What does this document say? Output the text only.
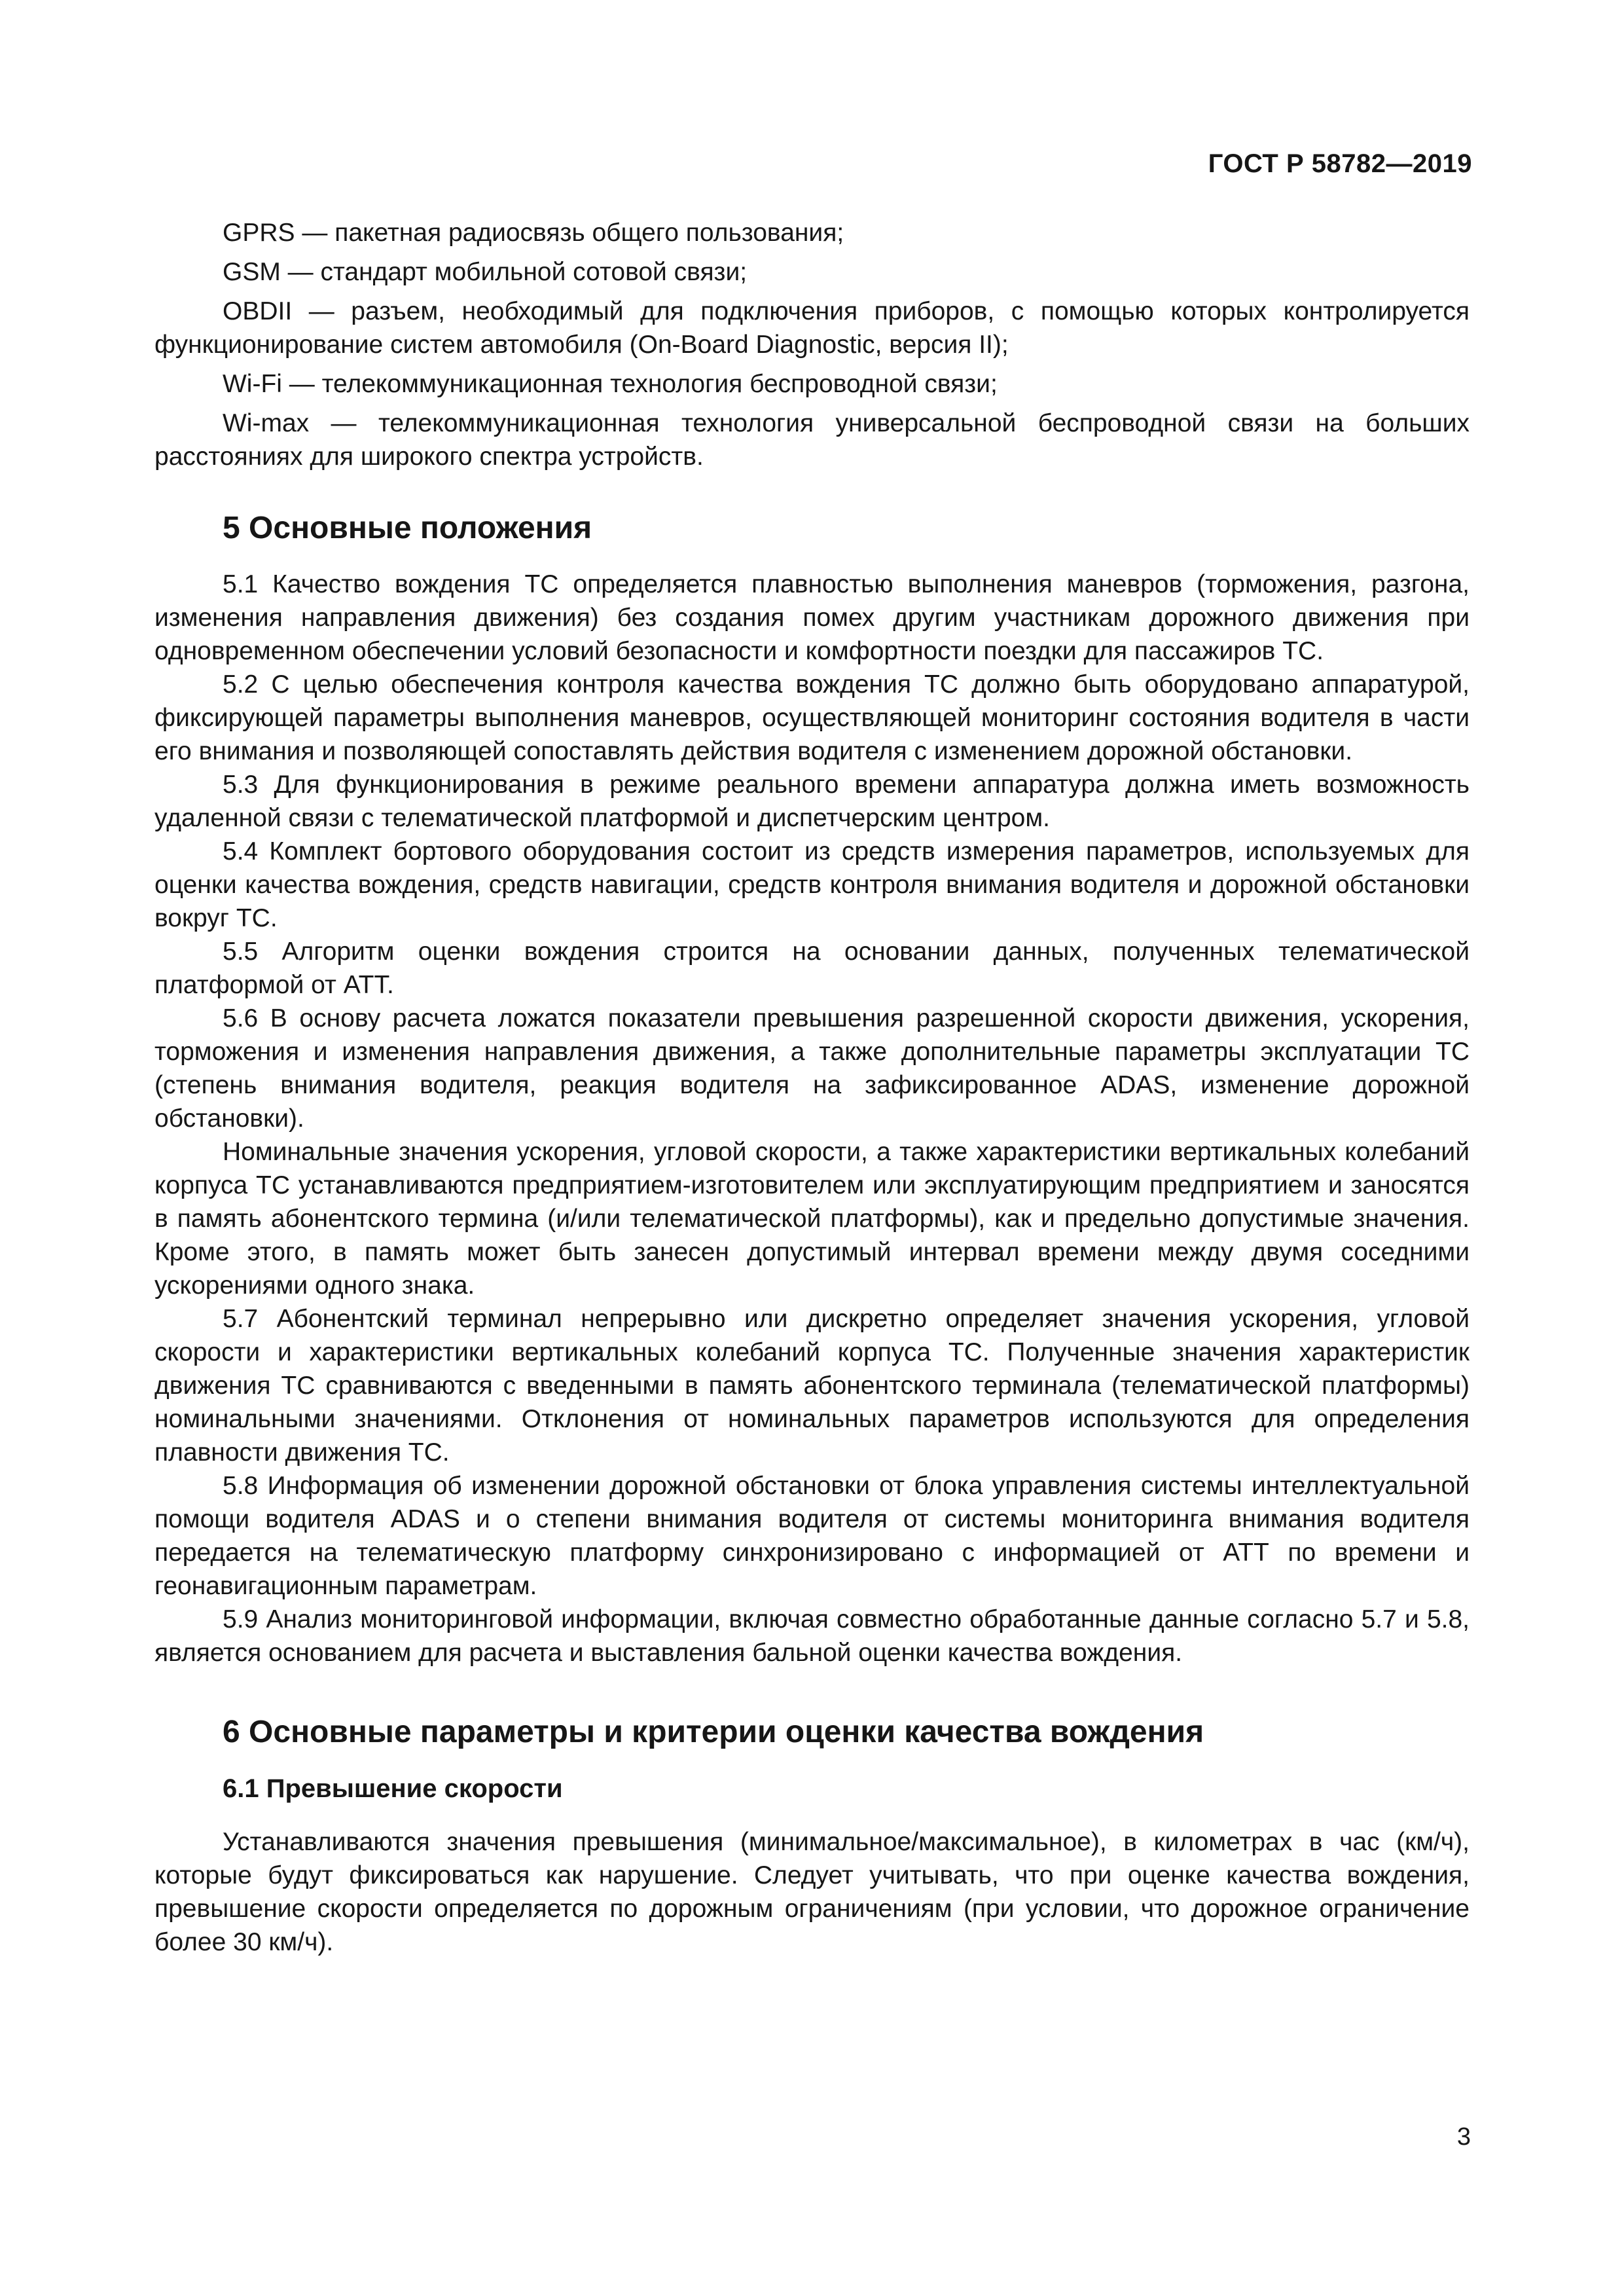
ГОСТ Р 58782—2019

GPRS — пакетная радиосвязь общего пользования;

GSM — стандарт мобильной сотовой связи;

OBDII — разъем, необходимый для подключения приборов, с помощью которых контролируется функционирование систем автомобиля (On-Board Diagnostic, версия II);

Wi-Fi — телекоммуникационная технология беспроводной связи;

Wi-max — телекоммуникационная технология универсальной беспроводной связи на больших расстояниях для широкого спектра устройств.

5 Основные положения

5.1 Качество вождения ТС определяется плавностью выполнения маневров (торможения, разгона, изменения направления движения) без создания помех другим участникам дорожного движения при одновременном обеспечении условий безопасности и комфортности поездки для пассажиров ТС.

5.2 С целью обеспечения контроля качества вождения ТС должно быть оборудовано аппаратурой, фиксирующей параметры выполнения маневров, осуществляющей мониторинг состояния водителя в части его внимания и позволяющей сопоставлять действия водителя с изменением дорожной обстановки.

5.3 Для функционирования в режиме реального времени аппаратура должна иметь возможность удаленной связи с телематической платформой и диспетчерским центром.

5.4 Комплект бортового оборудования состоит из средств измерения параметров, используемых для оценки качества вождения, средств навигации, средств контроля внимания водителя и дорожной обстановки вокруг ТС.

5.5 Алгоритм оценки вождения строится на основании данных, полученных телематической платформой от АТТ.

5.6 В основу расчета ложатся показатели превышения разрешенной скорости движения, ускорения, торможения и изменения направления движения, а также дополнительные параметры эксплуатации ТС (степень внимания водителя, реакция водителя на зафиксированное ADAS, изменение дорожной обстановки).

Номинальные значения ускорения, угловой скорости, а также характеристики вертикальных колебаний корпуса ТС устанавливаются предприятием-изготовителем или эксплуатирующим предприятием и заносятся в память абонентского термина (и/или телематической платформы), как и предельно допустимые значения. Кроме этого, в память может быть занесен допустимый интервал времени между двумя соседними ускорениями одного знака.

5.7 Абонентский терминал непрерывно или дискретно определяет значения ускорения, угловой скорости и характеристики вертикальных колебаний корпуса ТС. Полученные значения характеристик движения ТС сравниваются с введенными в память абонентского терминала (телематической платформы) номинальными значениями. Отклонения от номинальных параметров используются для определения плавности движения ТС.

5.8 Информация об изменении дорожной обстановки от блока управления системы интеллектуальной помощи водителя ADAS и о степени внимания водителя от системы мониторинга внимания водителя передается на телематическую платформу синхронизировано с информацией от АТТ по времени и геонавигационным параметрам.

5.9 Анализ мониторинговой информации, включая совместно обработанные данные согласно 5.7 и 5.8, является основанием для расчета и выставления бальной оценки качества вождения.

6 Основные параметры и критерии оценки качества вождения
6.1 Превышение скорости

Устанавливаются значения превышения (минимальное/максимальное), в километрах в час (км/ч), которые будут фиксироваться как нарушение. Следует учитывать, что при оценке качества вождения, превышение скорости определяется по дорожным ограничениям (при условии, что дорожное ограничение более 30 км/ч).

3
